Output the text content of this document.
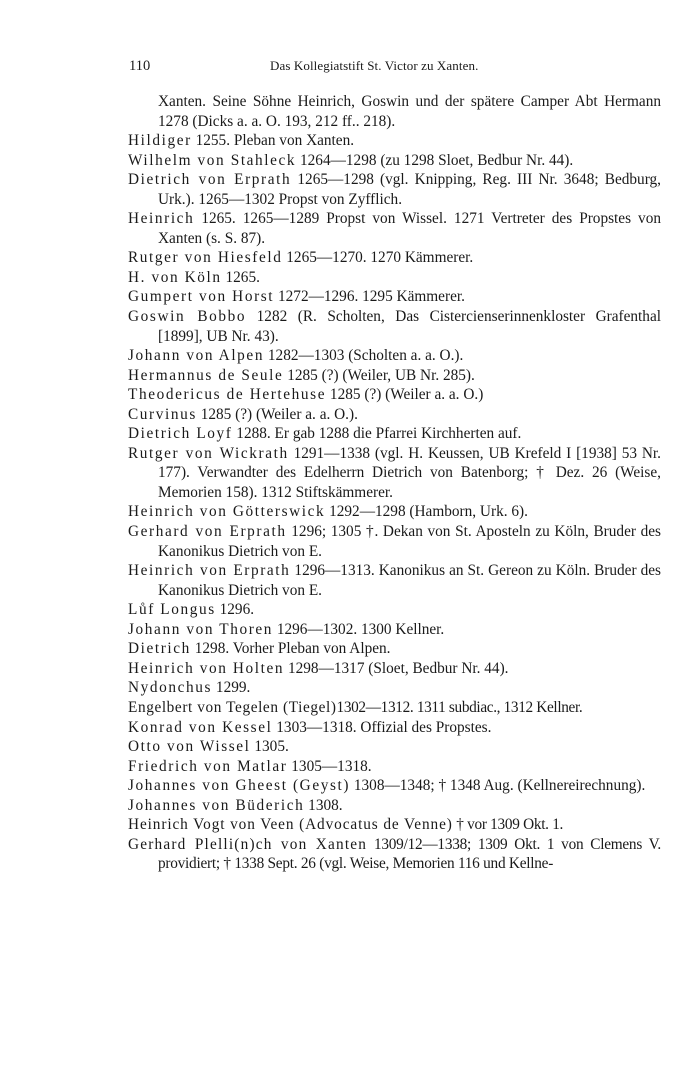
110	Das Kollegiatstift St. Victor zu Xanten.

Xanten. Seine Söhne Heinrich, Goswin und der spätere Camper Abt Hermann 1278 (Dicks a. a. O. 193, 212 ff.. 218).

Hildiger 1255. Pleban von Xanten.

Wilhelm von Stahleck 1264—1298 (zu 1298 Sloet, Bedbur Nr. 44).

Dietrich von Erprath 1265—1298 (vgl. Knipping, Reg. III Nr. 3648; Bedburg, Urk.). 1265—1302 Propst von Zyfflich.

Heinrich 1265. 1265—1289 Propst von Wissel. 1271 Vertreter des Propstes von Xanten (s. S. 87).

Rutger von Hiesfeld 1265—1270. 1270 Kämmerer.

H. von Köln 1265.

Gumpert von Horst 1272—1296. 1295 Kämmerer.

Goswin Bobbo 1282 (R. Scholten, Das Cistercienserinnenkloster Grafenthal [1899], UB Nr. 43).

Johann von Alpen 1282—1303 (Scholten a. a. O.).

Hermannus de Seule 1285 (?) (Weiler, UB Nr. 285).

Theodericus de Hertehuse 1285 (?) (Weiler a. a. O.)

Curvinus 1285 (?) (Weiler a. a. O.).

Dietrich Loyf 1288. Er gab 1288 die Pfarrei Kirchherten auf.

Rutger von Wickrath 1291—1338 (vgl. H. Keussen, UB Krefeld I [1938] 53 Nr. 177). Verwandter des Edelherrn Dietrich von Batenborg; † Dez. 26 (Weise, Memorien 158). 1312 Stiftskämmerer.

Heinrich von Götterswick 1292—1298 (Hamborn, Urk. 6).

Gerhard von Erprath 1296; 1305 †. Dekan von St. Aposteln zu Köln, Bruder des Kanonikus Dietrich von E.

Heinrich von Erprath 1296—1313. Kanonikus an St. Gereon zu Köln. Bruder des Kanonikus Dietrich von E.

Lůf Longus 1296.

Johann von Thoren 1296—1302. 1300 Kellner.

Dietrich 1298. Vorher Pleban von Alpen.

Heinrich von Holten 1298—1317 (Sloet, Bedbur Nr. 44).

Nydonchus 1299.

Engelbert von Tegelen (Tiegel)1302—1312. 1311 subdiac., 1312 Kellner.

Konrad von Kessel 1303—1318. Offizial des Propstes.

Otto von Wissel 1305.

Friedrich von Matlar 1305—1318.

Johannes von Gheest (Geyst) 1308—1348; † 1348 Aug. (Kellnereirechnung).

Johannes von Büderich 1308.

Heinrich Vogt von Veen (Advocatus de Venne) † vor 1309 Okt. 1.

Gerhard Plelli(n)ch von Xanten 1309/12—1338; 1309 Okt. 1 von Clemens V. providiert; † 1338 Sept. 26 (vgl. Weise, Memorien 116 und Kellne-
